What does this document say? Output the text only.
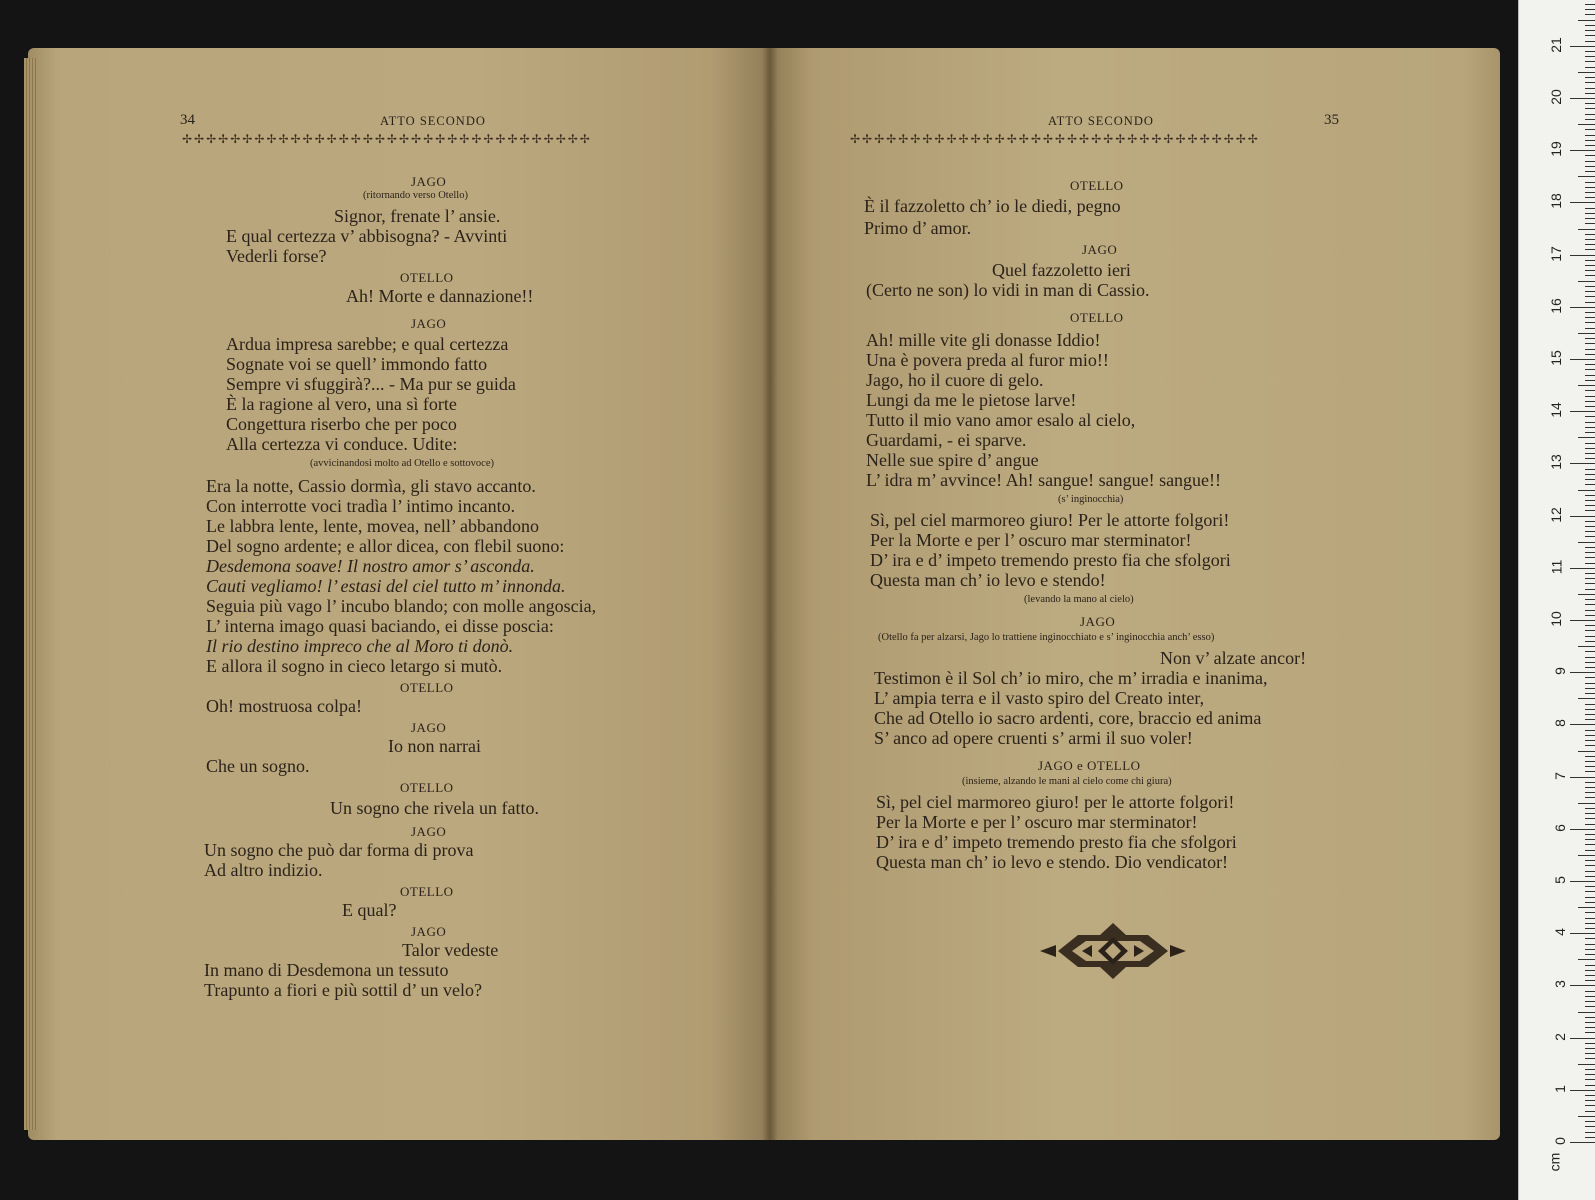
34	ATTO SECONDO
✢✢✢✢✢✢✢✢✢✢✢✢✢✢✢✢✢✢✢✢✢✢✢✢✢✢✢✢✢✢✢✢✢✢
JAGO
(ritornando verso Otello)
Signor, frenate l’ ansie.
E qual certezza v’ abbisogna? - Avvinti
Vederli forse?
OTELLO
Ah! Morte e dannazione!!
JAGO
Ardua impresa sarebbe; e qual certezza
Sognate voi se quell’ immondo fatto
Sempre vi sfuggirà?... - Ma pur se guida
È la ragione al vero, una sì forte
Congettura riserbo che per poco
Alla certezza vi conduce. Udite:
(avvicinandosi molto ad Otello e sottovoce)
Era la notte, Cassio dormìa, gli stavo accanto.
Con interrotte voci tradìa l’ intimo incanto.
Le labbra lente, lente, movea, nell’ abbandono
Del sogno ardente; e allor dicea, con flebil suono:
Desdemona soave! Il nostro amor s’ asconda.
Cauti vegliamo! l’ estasi del ciel tutto m’ innonda.
Seguia più vago l’ incubo blando; con molle angoscia,
L’ interna imago quasi baciando, ei disse poscia:
Il rio destino impreco che al Moro ti donò.
E allora il sogno in cieco letargo si mutò.
OTELLO
Oh! mostruosa colpa!
JAGO
Io non narrai
Che un sogno.
OTELLO
Un sogno che rivela un fatto.
JAGO
Un sogno che può dar forma di prova
Ad altro indizio.
OTELLO
E qual?
JAGO
Talor vedeste
In mano di Desdemona un tessuto
Trapunto a fiori e più sottil d’ un velo?
ATTO SECONDO	35
✢✢✢✢✢✢✢✢✢✢✢✢✢✢✢✢✢✢✢✢✢✢✢✢✢✢✢✢✢✢✢✢✢✢
OTELLO
È il fazzoletto ch’ io le diedi, pegno
Primo d’ amor.
JAGO
Quel fazzoletto ieri
(Certo ne son) lo vidi in man di Cassio.
OTELLO
Ah! mille vite gli donasse Iddio!
Una è povera preda al furor mio!!
Jago, ho il cuore di gelo.
Lungi da me le pietose larve!
Tutto il mio vano amor esalo al cielo,
Guardami, - ei sparve.
Nelle sue spire d’ angue
L’ idra m’ avvince! Ah! sangue! sangue! sangue!!
(s’ inginocchia)
Sì, pel ciel marmoreo giuro! Per le attorte folgori!
Per la Morte e per l’ oscuro mar sterminator!
D’ ira e d’ impeto tremendo presto fia che sfolgori
Questa man ch’ io levo e stendo!
(levando la mano al cielo)
JAGO
(Otello fa per alzarsi, Jago lo trattiene inginocchiato e s’ inginocchia anch’ esso)
Non v’ alzate ancor!
Testimon è il Sol ch’ io miro, che m’ irradia e inanima,
L’ ampia terra e il vasto spiro del Creato inter,
Che ad Otello io sacro ardenti, core, braccio ed anima
S’ anco ad opere cruenti s’ armi il suo voler!
JAGO e OTELLO
(insieme, alzando le mani al cielo come chi giura)
Sì, pel ciel marmoreo giuro! per le attorte folgori!
Per la Morte e per l’ oscuro mar sterminator!
D’ ira e d’ impeto tremendo presto fia che sfolgori
Questa man ch’ io levo e stendo. Dio vendicator!
0
1
2
3
4
5
6
7
8
9
10
11
12
13
14
15
16
17
18
19
20
21
cm
